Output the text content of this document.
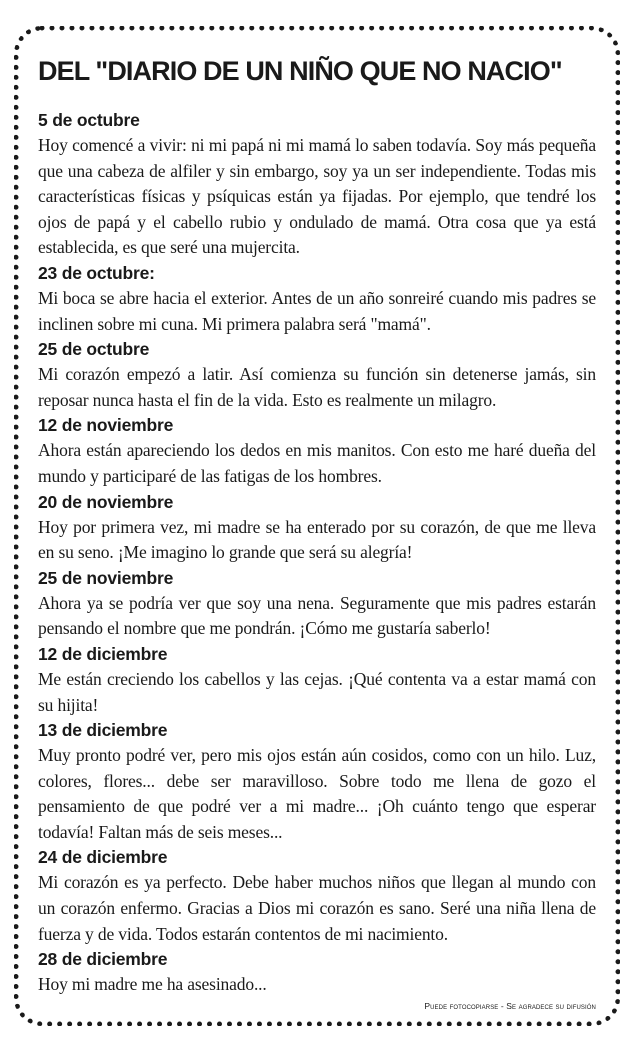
DEL "DIARIO DE UN NIÑO QUE NO NACIO"
5 de octubre

Hoy comencé a vivir: ni mi papá ni mi mamá lo saben todavía. Soy más pequeña que una cabeza de alfiler y sin embargo, soy ya un ser independiente. Todas mis características físicas y psíquicas están ya fijadas. Por ejemplo, que tendré los ojos de papá y el cabello rubio y ondulado de mamá. Otra cosa que ya está establecida, es que seré una mujercita.

23 de octubre:

Mi boca se abre hacia el exterior. Antes de un año sonreiré cuando mis padres se inclinen sobre mi cuna. Mi primera palabra será "mamá".

25 de octubre

Mi corazón empezó a latir. Así comienza su función sin detenerse jamás, sin reposar nunca hasta el fin de la vida. Esto es realmente un milagro.

12 de noviembre

Ahora están apareciendo los dedos en mis manitos. Con esto me haré dueña del mundo y participaré de las fatigas de los hombres.

20 de noviembre

Hoy por primera vez, mi madre se ha enterado por su corazón, de que me lleva en su seno. ¡Me imagino lo grande que será su alegría!

25 de noviembre

Ahora ya se podría ver que soy una nena. Seguramente que mis padres estarán pensando el nombre que me pondrán. ¡Cómo me gustaría saberlo!

12 de diciembre

Me están creciendo los cabellos y las cejas. ¡Qué contenta va a estar mamá con su hijita!

13 de diciembre

Muy pronto podré ver, pero mis ojos están aún cosidos, como con un hilo. Luz, colores, flores... debe ser maravilloso. Sobre todo me llena de gozo el pensamiento de que podré ver a mi madre... ¡Oh cuánto tengo que esperar todavía! Faltan más de seis meses...

24 de diciembre

Mi corazón es ya perfecto. Debe haber muchos niños que llegan al mundo con un corazón enfermo. Gracias a Dios mi corazón es sano. Seré una niña llena de fuerza y de vida. Todos estarán contentos de mi nacimiento.

28 de diciembre

Hoy mi madre me ha asesinado...

Puede fotocopiarse - Se agradece su difusión
